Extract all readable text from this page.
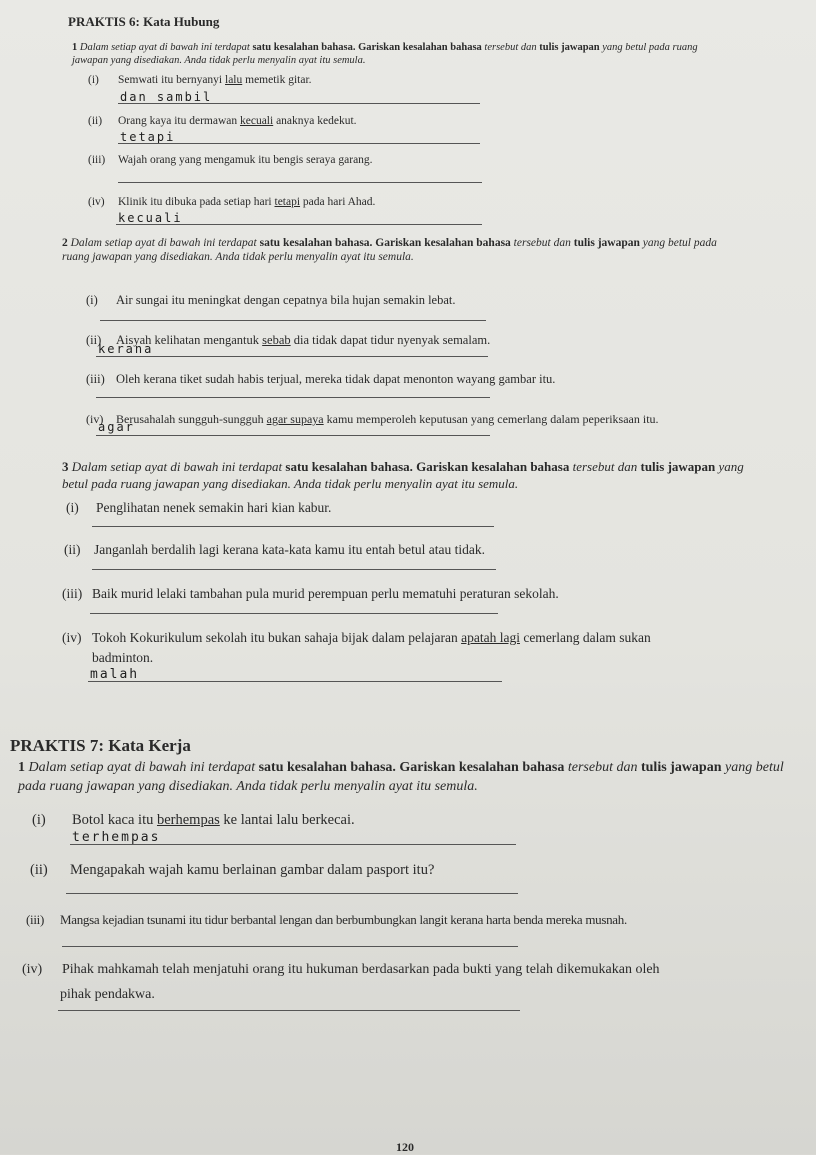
PRAKTIS 6: Kata Hubung
1 Dalam setiap ayat di bawah ini terdapat satu kesalahan bahasa. Gariskan kesalahan bahasa tersebut dan tulis jawapan yang betul pada ruang jawapan yang disediakan. Anda tidak perlu menyalin ayat itu semula.
(i) Semwati itu bernyanyi lalu memetik gitar.
dan sambil
(ii) Orang kaya itu dermawan kecuali anaknya kedekut.
tetapi
(iii) Wajah orang yang mengamuk itu bengis seraya garang.
(iv) Klinik itu dibuka pada setiap hari tetapi pada hari Ahad.
kecuali
2 Dalam setiap ayat di bawah ini terdapat satu kesalahan bahasa. Gariskan kesalahan bahasa tersebut dan tulis jawapan yang betul pada ruang jawapan yang disediakan. Anda tidak perlu menyalin ayat itu semula.
(i) Air sungai itu meningkat dengan cepatnya bila hujan semakin lebat.
(ii) Aisyah kelihatan mengantuk sebab dia tidak dapat tidur nyenyak semalam.
kerana
(iii) Oleh kerana tiket sudah habis terjual, mereka tidak dapat menonton wayang gambar itu.
(iv) Berusahalah sungguh-sungguh agar supaya kamu memperoleh keputusan yang cemerlang dalam peperiksaan itu.
agar
3 Dalam setiap ayat di bawah ini terdapat satu kesalahan bahasa. Gariskan kesalahan bahasa tersebut dan tulis jawapan yang betul pada ruang jawapan yang disediakan. Anda tidak perlu menyalin ayat itu semula.
(i) Penglihatan nenek semakin hari kian kabur.
(ii) Janganlah berdalih lagi kerana kata-kata kamu itu entah betul atau tidak.
(iii) Baik murid lelaki tambahan pula murid perempuan perlu mematuhi peraturan sekolah.
(iv) Tokoh Kokurikulum sekolah itu bukan sahaja bijak dalam pelajaran apatah lagi cemerlang dalam sukan
badminton.
malah
PRAKTIS 7: Kata Kerja
1 Dalam setiap ayat di bawah ini terdapat satu kesalahan bahasa. Gariskan kesalahan bahasa tersebut dan tulis jawapan yang betul pada ruang jawapan yang disediakan. Anda tidak perlu menyalin ayat itu semula.
(i) Botol kaca itu berhempas ke lantai lalu berkecai.
terhempas
(ii) Mengapakah wajah kamu berlainan gambar dalam pasport itu?
(iii) Mangsa kejadian tsunami itu tidur berbantal lengan dan berbumbungkan langit kerana harta benda mereka musnah.
(iv) Pihak mahkamah telah menjatuhi orang itu hukuman berdasarkan pada bukti yang telah dikemukakan oleh
pihak pendakwa.
120
